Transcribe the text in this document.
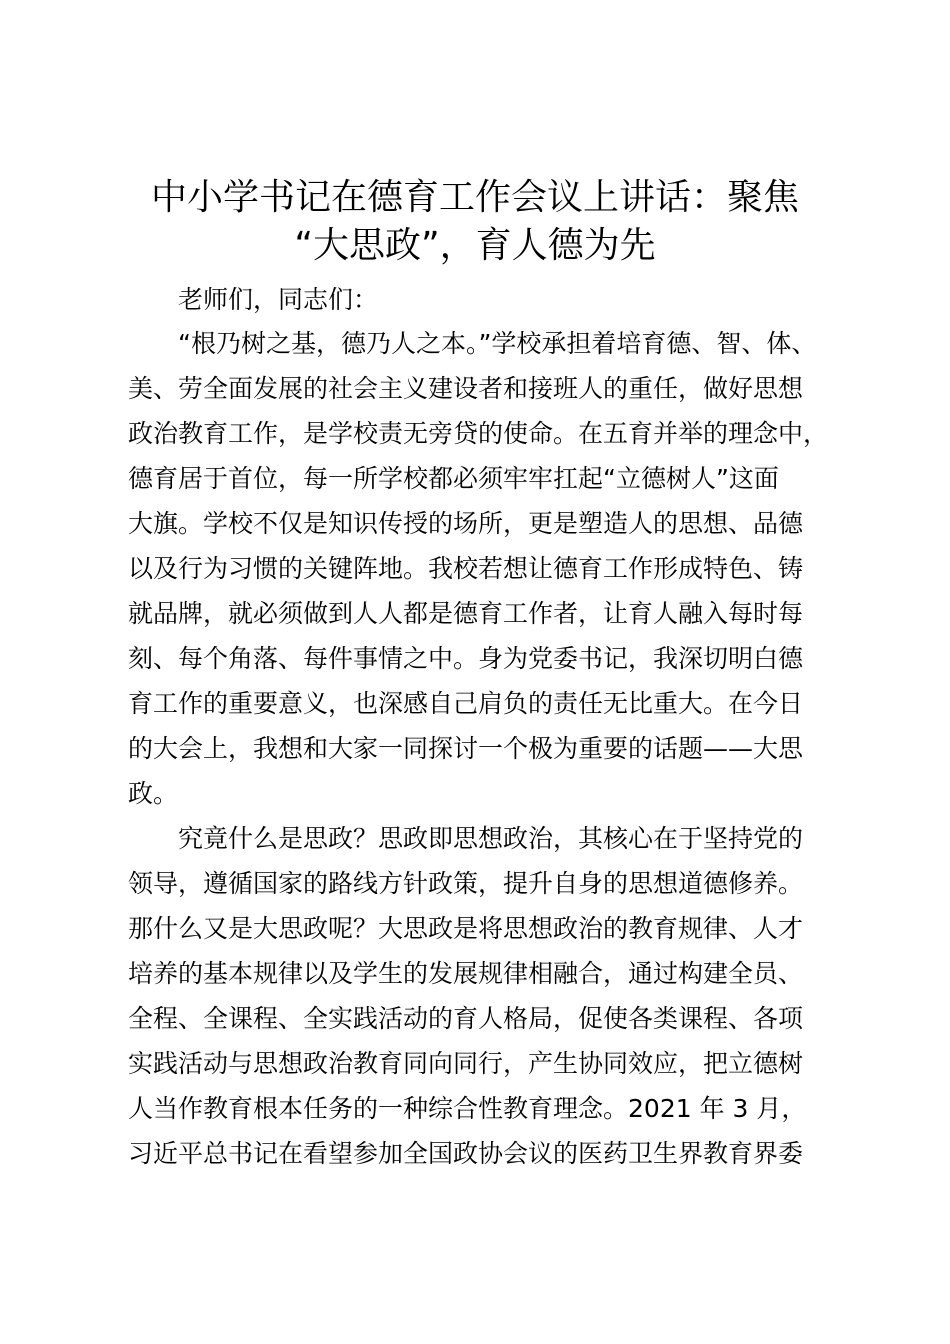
中小学书记在德育工作会议上讲话：聚焦
“大思政”，育人德为先

老师们，同志们：

“根乃树之基，德乃人之本。”学校承担着培育德、智、体、

美、劳全面发展的社会主义建设者和接班人的重任，做好思想

政治教育工作，是学校责无旁贷的使命。在五育并举的理念中，

德育居于首位，每一所学校都必须牢牢扛起“立德树人”这面

大旗。学校不仅是知识传授的场所，更是塑造人的思想、品德

以及行为习惯的关键阵地。我校若想让德育工作形成特色、铸

就品牌，就必须做到人人都是德育工作者，让育人融入每时每

刻、每个角落、每件事情之中。身为党委书记，我深切明白德

育工作的重要意义，也深感自己肩负的责任无比重大。在今日

的大会上，我想和大家一同探讨一个极为重要的话题——大思

政。

究竟什么是思政？思政即思想政治，其核心在于坚持党的

领导，遵循国家的路线方针政策，提升自身的思想道德修养。

那什么又是大思政呢？大思政是将思想政治的教育规律、人才

培养的基本规律以及学生的发展规律相融合，通过构建全员、

全程、全课程、全实践活动的育人格局，促使各类课程、各项

实践活动与思想政治教育同向同行，产生协同效应，把立德树

人当作教育根本任务的一种综合性教育理念。2021 年 3 月，

习近平总书记在看望参加全国政协会议的医药卫生界教育界委
